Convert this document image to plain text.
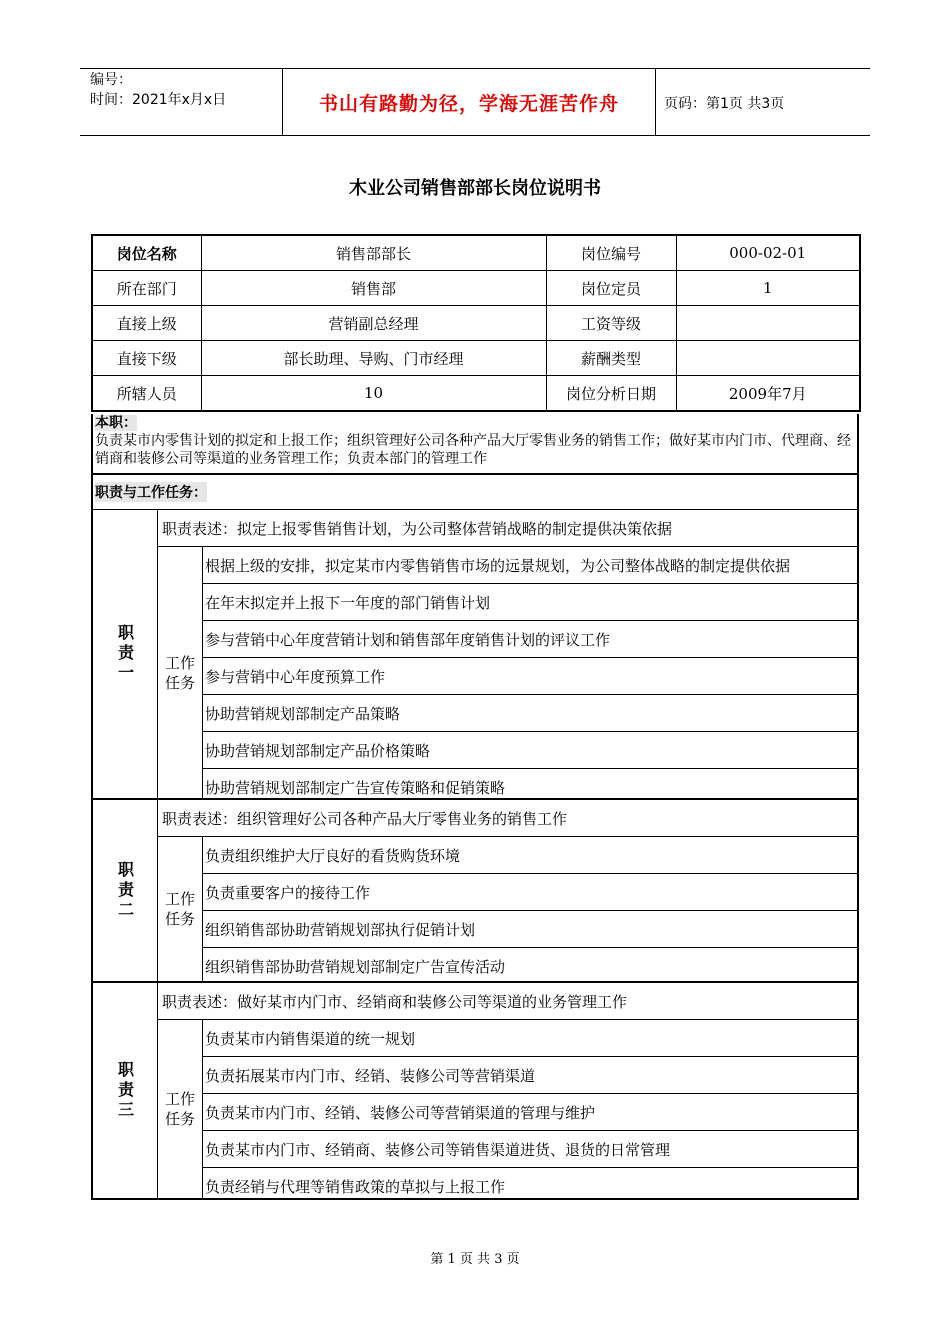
编号：
时间：2021年x月x日	书山有路勤为径，学海无涯苦作舟	页码：第1页 共3页
木业公司销售部部长岗位说明书
岗位名称	销售部部长	岗位编号	000-02-01
所在部门	销售部	岗位定员	1
直接上级	营销副总经理	工资等级	
直接下级	部长助理、导购、门市经理	薪酬类型	
所辖人员	10	岗位分析日期	2009年7月
本职：
负责某市内零售计划的拟定和上报工作；组织管理好公司各种产品大厅零售业务的销售工作；做好某市内门市、代理商、经销商和装修公司等渠道的业务管理工作；负责本部门的管理工作
职责与工作任务：
职责一
职责表述： 拟定上报零售销售计划，为公司整体营销战略的制定提供决策依据
工作
任务
根据上级的安排，拟定某市内零售销售市场的远景规划，为公司整体战略的制定提供依据
在年末拟定并上报下一年度的部门销售计划
参与营销中心年度营销计划和销售部年度销售计划的评议工作
参与营销中心年度预算工作
协助营销规划部制定产品策略
协助营销规划部制定产品价格策略
协助营销规划部制定广告宣传策略和促销策略
职责二
职责表述： 组织管理好公司各种产品大厅零售业务的销售工作
工作
任务
负责组织维护大厅良好的看货购货环境
负责重要客户的接待工作
组织销售部协助营销规划部执行促销计划
组织销售部协助营销规划部制定广告宣传活动
职责三
职责表述： 做好某市内门市、经销商和装修公司等渠道的业务管理工作
工作
任务
负责某市内销售渠道的统一规划
负责拓展某市内门市、经销、装修公司等营销渠道
负责某市内门市、经销、装修公司等营销渠道的管理与维护
负责某市内门市、经销商、装修公司等销售渠道进货、退货的日常管理
负责经销与代理等销售政策的草拟与上报工作
第 1 页 共 3 页
